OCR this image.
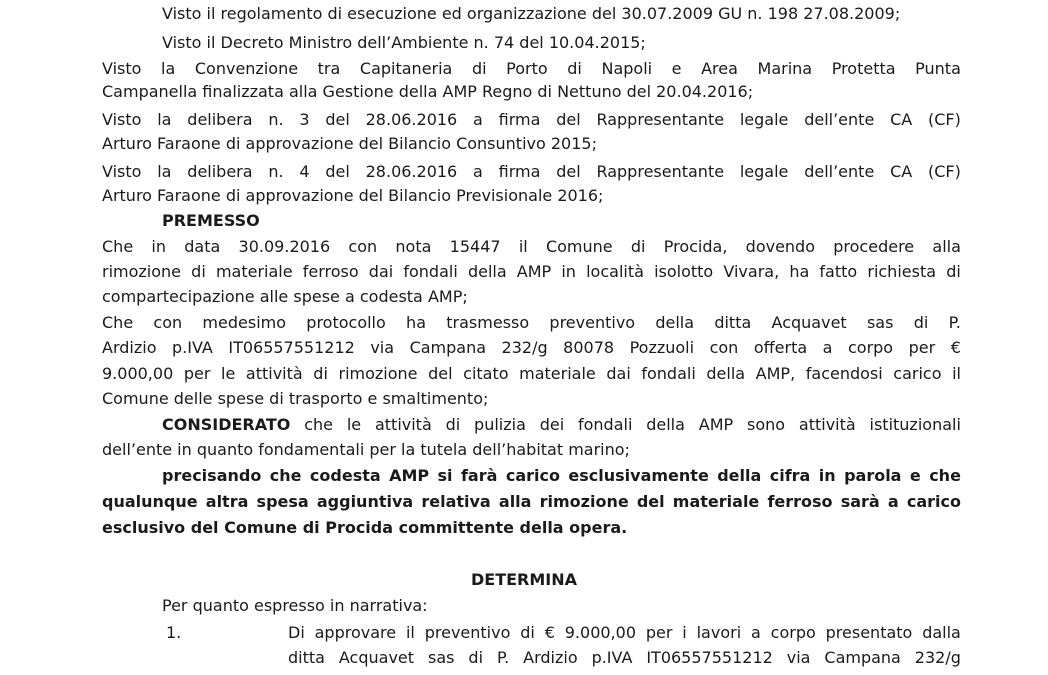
Visto il regolamento di esecuzione ed organizzazione del 30.07.2009 GU n. 198 27.08.2009;
Visto il Decreto Ministro dell’Ambiente n. 74 del 10.04.2015;
Visto la Convenzione tra Capitaneria di Porto di Napoli e Area Marina Protetta Punta
Campanella finalizzata alla Gestione della AMP Regno di Nettuno del 20.04.2016;
Visto la delibera n. 3 del 28.06.2016 a firma del Rappresentante legale dell’ente CA (CF)
Arturo Faraone di approvazione del Bilancio Consuntivo 2015;
Visto la delibera n. 4 del 28.06.2016 a firma del Rappresentante legale dell’ente CA (CF)
Arturo Faraone di approvazione del Bilancio Previsionale 2016;
PREMESSO
Che in data 30.09.2016 con nota 15447 il Comune di Procida, dovendo procedere alla
rimozione di materiale ferroso dai fondali della AMP in località isolotto Vivara, ha fatto richiesta di
compartecipazione alle spese a codesta AMP;
Che con medesimo protocollo ha trasmesso preventivo della ditta Acquavet sas di P.
Ardizio p.IVA IT06557551212 via Campana 232/g 80078 Pozzuoli con offerta a corpo per €
9.000,00 per le attività di rimozione del citato materiale dai fondali della AMP, facendosi carico il
Comune delle spese di trasporto e smaltimento;
CONSIDERATO che le attività di pulizia dei fondali della AMP sono attività istituzionali
dell’ente in quanto fondamentali per la tutela dell’habitat marino;
precisando che codesta AMP si farà carico esclusivamente della cifra in parola e che
qualunque altra spesa aggiuntiva relativa alla rimozione del materiale ferroso sarà a carico
esclusivo del Comune di Procida committente della opera.
DETERMINA
Per quanto espresso in narrativa:
1.	Di approvare il preventivo di € 9.000,00 per i lavori a corpo presentato dalla
ditta Acquavet sas di P. Ardizio p.IVA IT06557551212 via Campana 232/g
